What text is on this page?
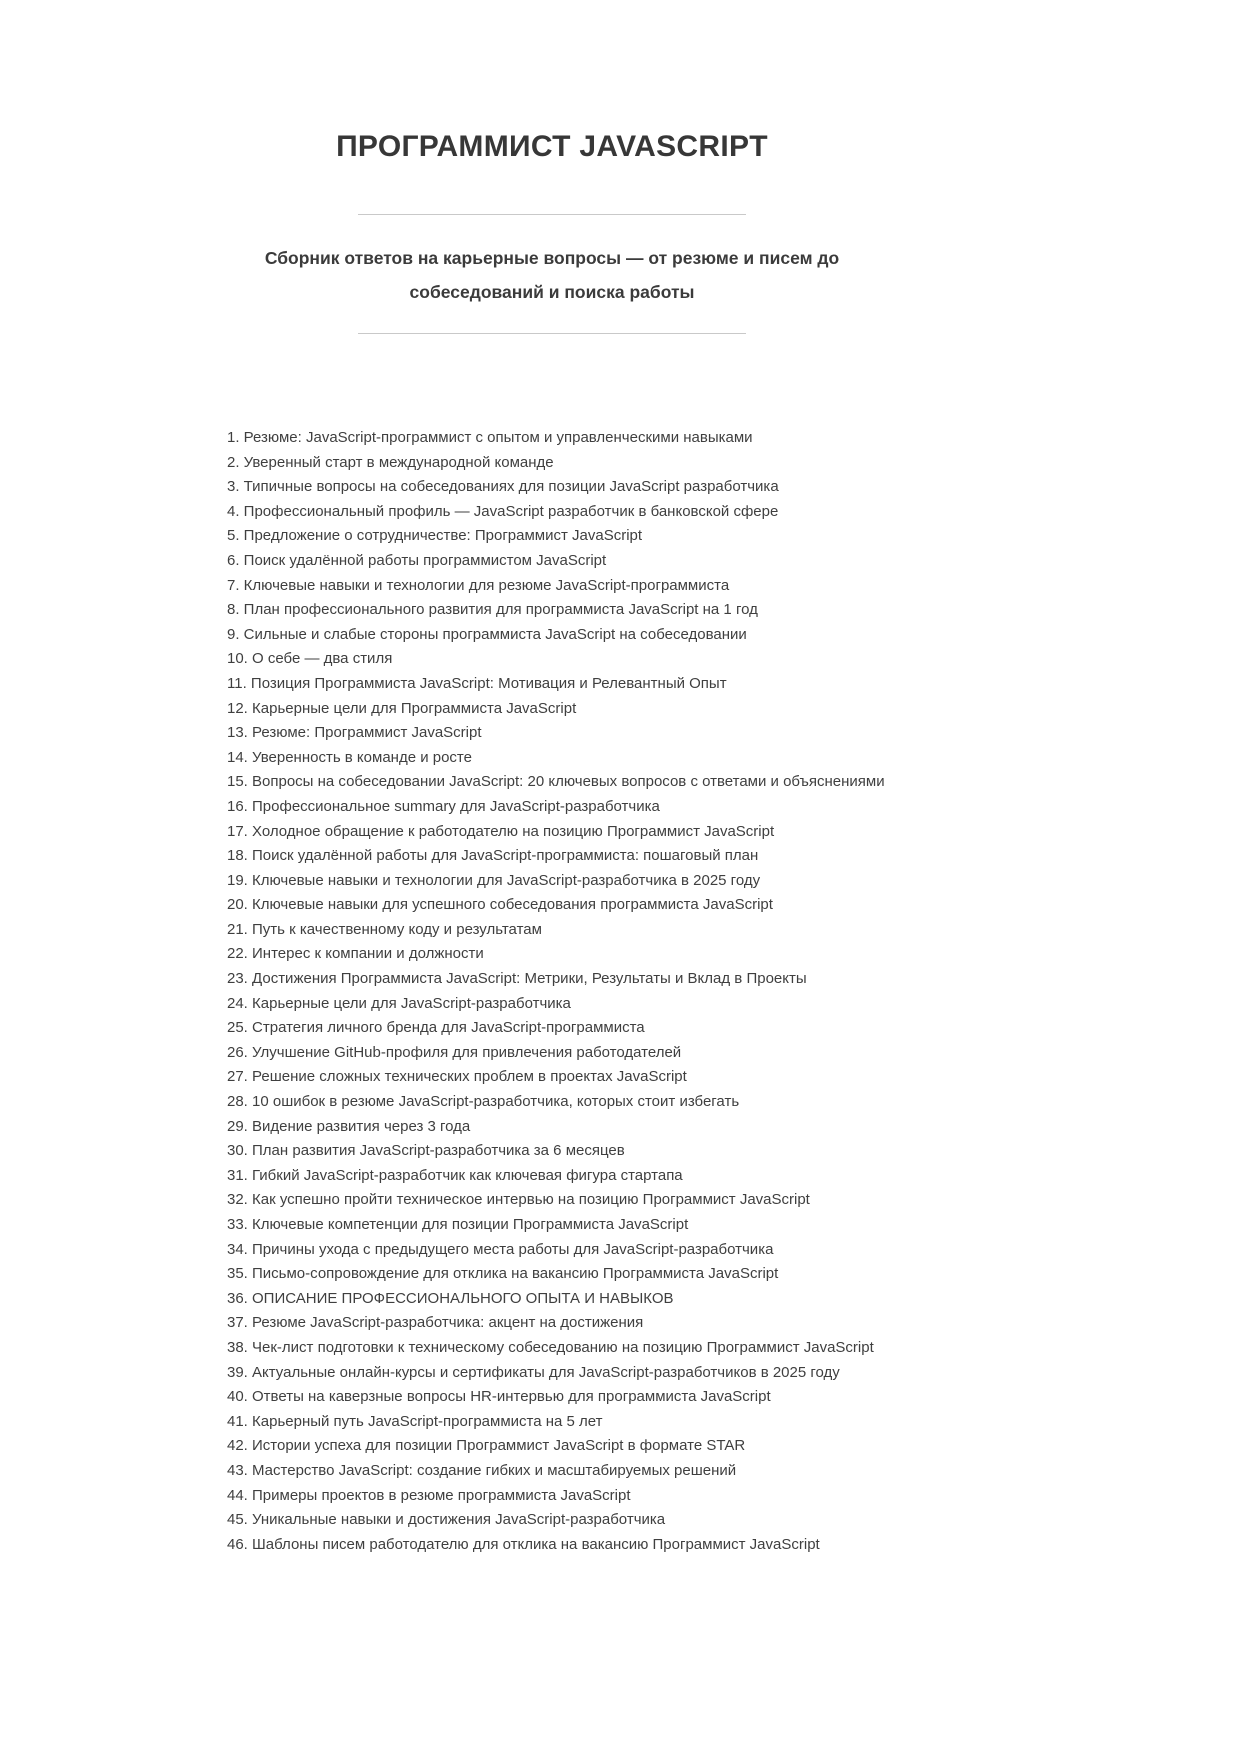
ПРОГРАММИСТ JAVASCRIPT
Сборник ответов на карьерные вопросы — от резюме и писем до собеседований и поиска работы
1. Резюме: JavaScript-программист с опытом и управленческими навыками
2. Уверенный старт в международной команде
3. Типичные вопросы на собеседованиях для позиции JavaScript разработчика
4. Профессиональный профиль — JavaScript разработчик в банковской сфере
5. Предложение о сотрудничестве: Программист JavaScript
6. Поиск удалённой работы программистом JavaScript
7. Ключевые навыки и технологии для резюме JavaScript-программиста
8. План профессионального развития для программиста JavaScript на 1 год
9. Сильные и слабые стороны программиста JavaScript на собеседовании
10. О себе — два стиля
11. Позиция Программиста JavaScript: Мотивация и Релевантный Опыт
12. Карьерные цели для Программиста JavaScript
13. Резюме: Программист JavaScript
14. Уверенность в команде и росте
15. Вопросы на собеседовании JavaScript: 20 ключевых вопросов с ответами и объяснениями
16. Профессиональное summary для JavaScript-разработчика
17. Холодное обращение к работодателю на позицию Программист JavaScript
18. Поиск удалённой работы для JavaScript-программиста: пошаговый план
19. Ключевые навыки и технологии для JavaScript-разработчика в 2025 году
20. Ключевые навыки для успешного собеседования программиста JavaScript
21. Путь к качественному коду и результатам
22. Интерес к компании и должности
23. Достижения Программиста JavaScript: Метрики, Результаты и Вклад в Проекты
24. Карьерные цели для JavaScript-разработчика
25. Стратегия личного бренда для JavaScript-программиста
26. Улучшение GitHub-профиля для привлечения работодателей
27. Решение сложных технических проблем в проектах JavaScript
28. 10 ошибок в резюме JavaScript-разработчика, которых стоит избегать
29. Видение развития через 3 года
30. План развития JavaScript-разработчика за 6 месяцев
31. Гибкий JavaScript-разработчик как ключевая фигура стартапа
32. Как успешно пройти техническое интервью на позицию Программист JavaScript
33. Ключевые компетенции для позиции Программиста JavaScript
34. Причины ухода с предыдущего места работы для JavaScript-разработчика
35. Письмо-сопровождение для отклика на вакансию Программиста JavaScript
36. ОПИСАНИЕ ПРОФЕССИОНАЛЬНОГО ОПЫТА И НАВЫКОВ
37. Резюме JavaScript-разработчика: акцент на достижения
38. Чек-лист подготовки к техническому собеседованию на позицию Программист JavaScript
39. Актуальные онлайн-курсы и сертификаты для JavaScript-разработчиков в 2025 году
40. Ответы на каверзные вопросы HR-интервью для программиста JavaScript
41. Карьерный путь JavaScript-программиста на 5 лет
42. Истории успеха для позиции Программист JavaScript в формате STAR
43. Мастерство JavaScript: создание гибких и масштабируемых решений
44. Примеры проектов в резюме программиста JavaScript
45. Уникальные навыки и достижения JavaScript-разработчика
46. Шаблоны писем работодателю для отклика на вакансию Программист JavaScript
